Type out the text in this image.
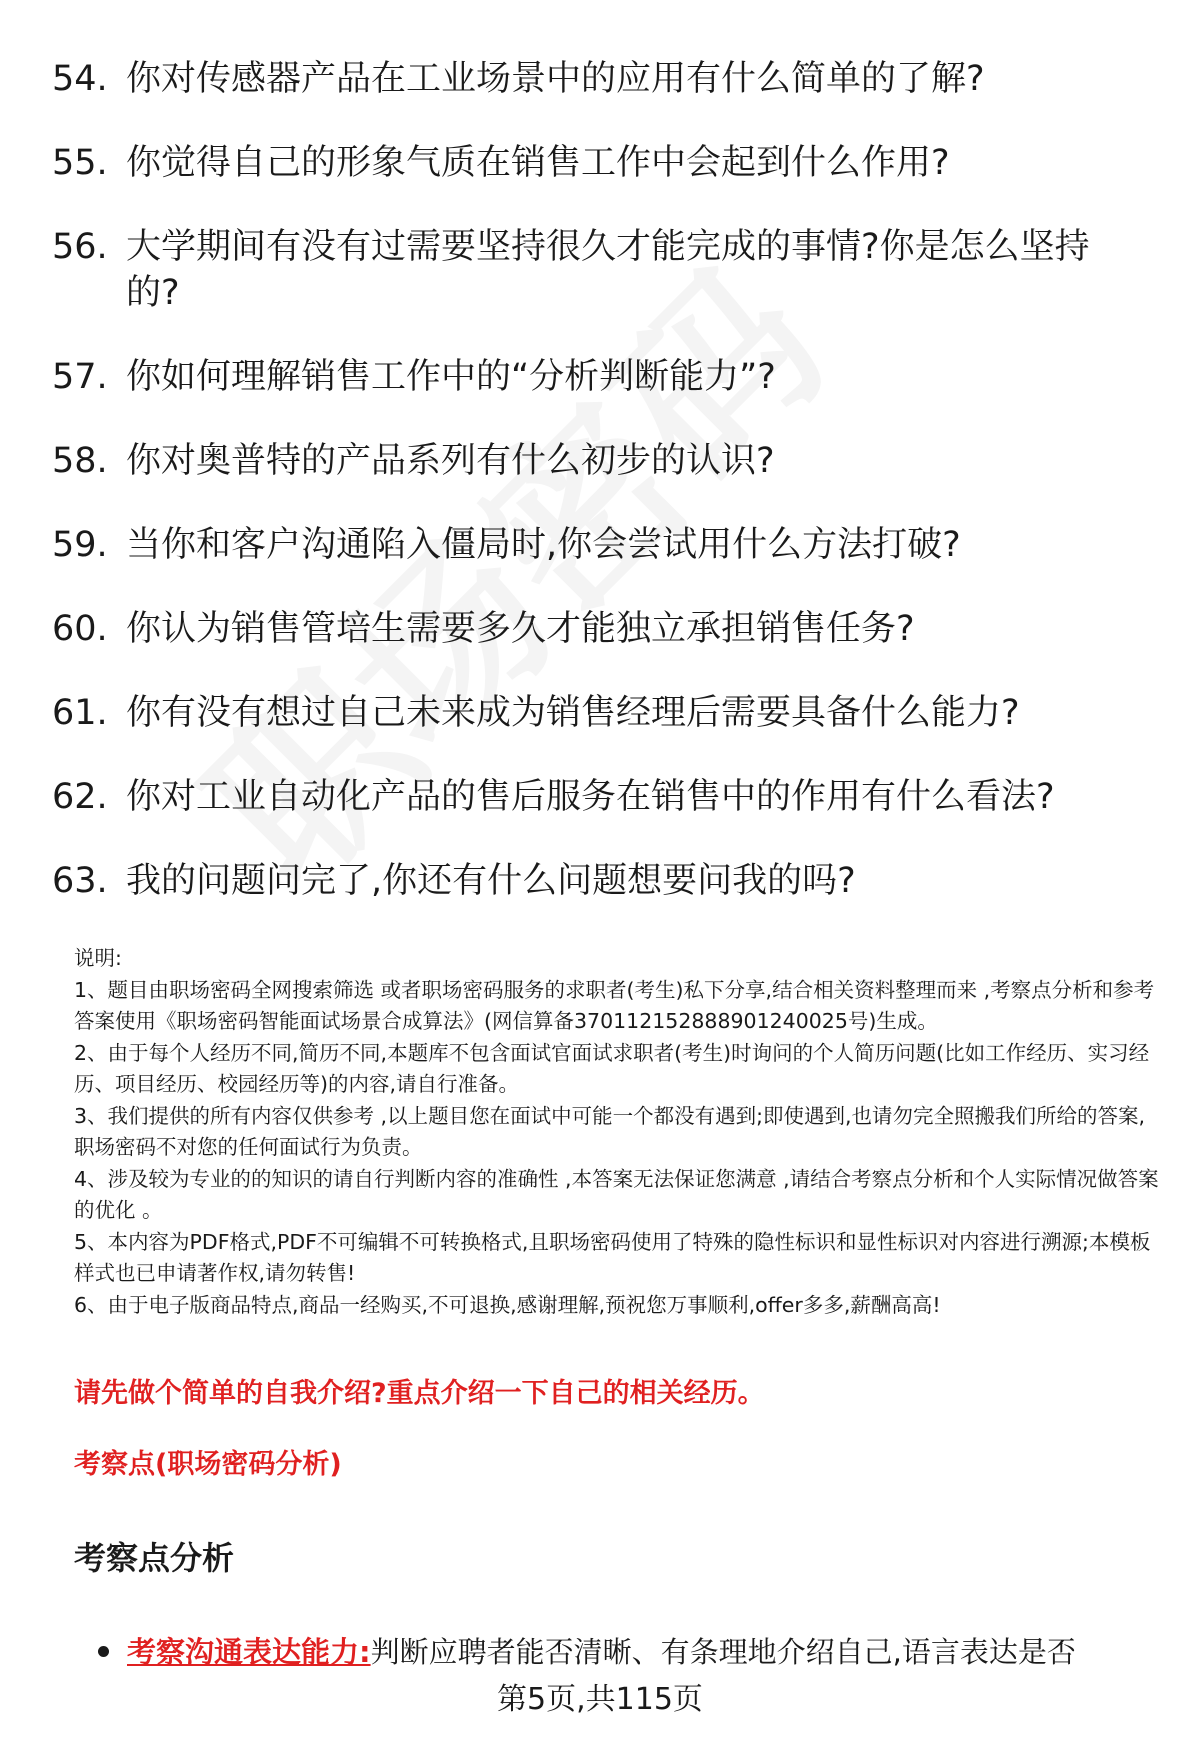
54. 你对传感器产品在工业场景中的应用有什么简单的了解?
55. 你觉得自己的形象气质在销售工作中会起到什么作用?
56. 大学期间有没有过需要坚持很久才能完成的事情?你是怎么坚持的?
57. 你如何理解销售工作中的“分析判断能力”?
58. 你对奥普特的产品系列有什么初步的认识?
59. 当你和客户沟通陷入僵局时,你会尝试用什么方法打破?
60. 你认为销售管培生需要多久才能独立承担销售任务?
61. 你有没有想过自己未来成为销售经理后需要具备什么能力?
62. 你对工业自动化产品的售后服务在销售中的作用有什么看法?
63. 我的问题问完了,你还有什么问题想要问我的吗?

说明:

1、题目由职场密码全网搜索筛选 或者职场密码服务的求职者(考生)私下分享,结合相关资料整理而来 ,考察点分析和参考答案使用《职场密码智能面试场景合成算法》(网信算备370112152888901240025号)生成。

2、由于每个人经历不同,简历不同,本题库不包含面试官面试求职者(考生)时询问的个人简历问题(比如工作经历、实习经历、项目经历、校园经历等)的内容,请自行准备。

3、我们提供的所有内容仅供参考 ,以上题目您在面试中可能一个都没有遇到;即使遇到,也请勿完全照搬我们所给的答案,职场密码不对您的任何面试行为负责。

4、涉及较为专业的的知识的请自行判断内容的准确性 ,本答案无法保证您满意 ,请结合考察点分析和个人实际情况做答案的优化 。

5、本内容为PDF格式,PDF不可编辑不可转换格式,且职场密码使用了特殊的隐性标识和显性标识对内容进行溯源;本模板样式也已申请著作权,请勿转售!

6、由于电子版商品特点,商品一经购买,不可退换,感谢理解,预祝您万事顺利,offer多多,薪酬高高!

请先做个简单的自我介绍?重点介绍一下自己的相关经历。
考察点(职场密码分析)
考察点分析
考察沟通表达能力:判断应聘者能否清晰、有条理地介绍自己,语言表达是否
第5页,共115页
